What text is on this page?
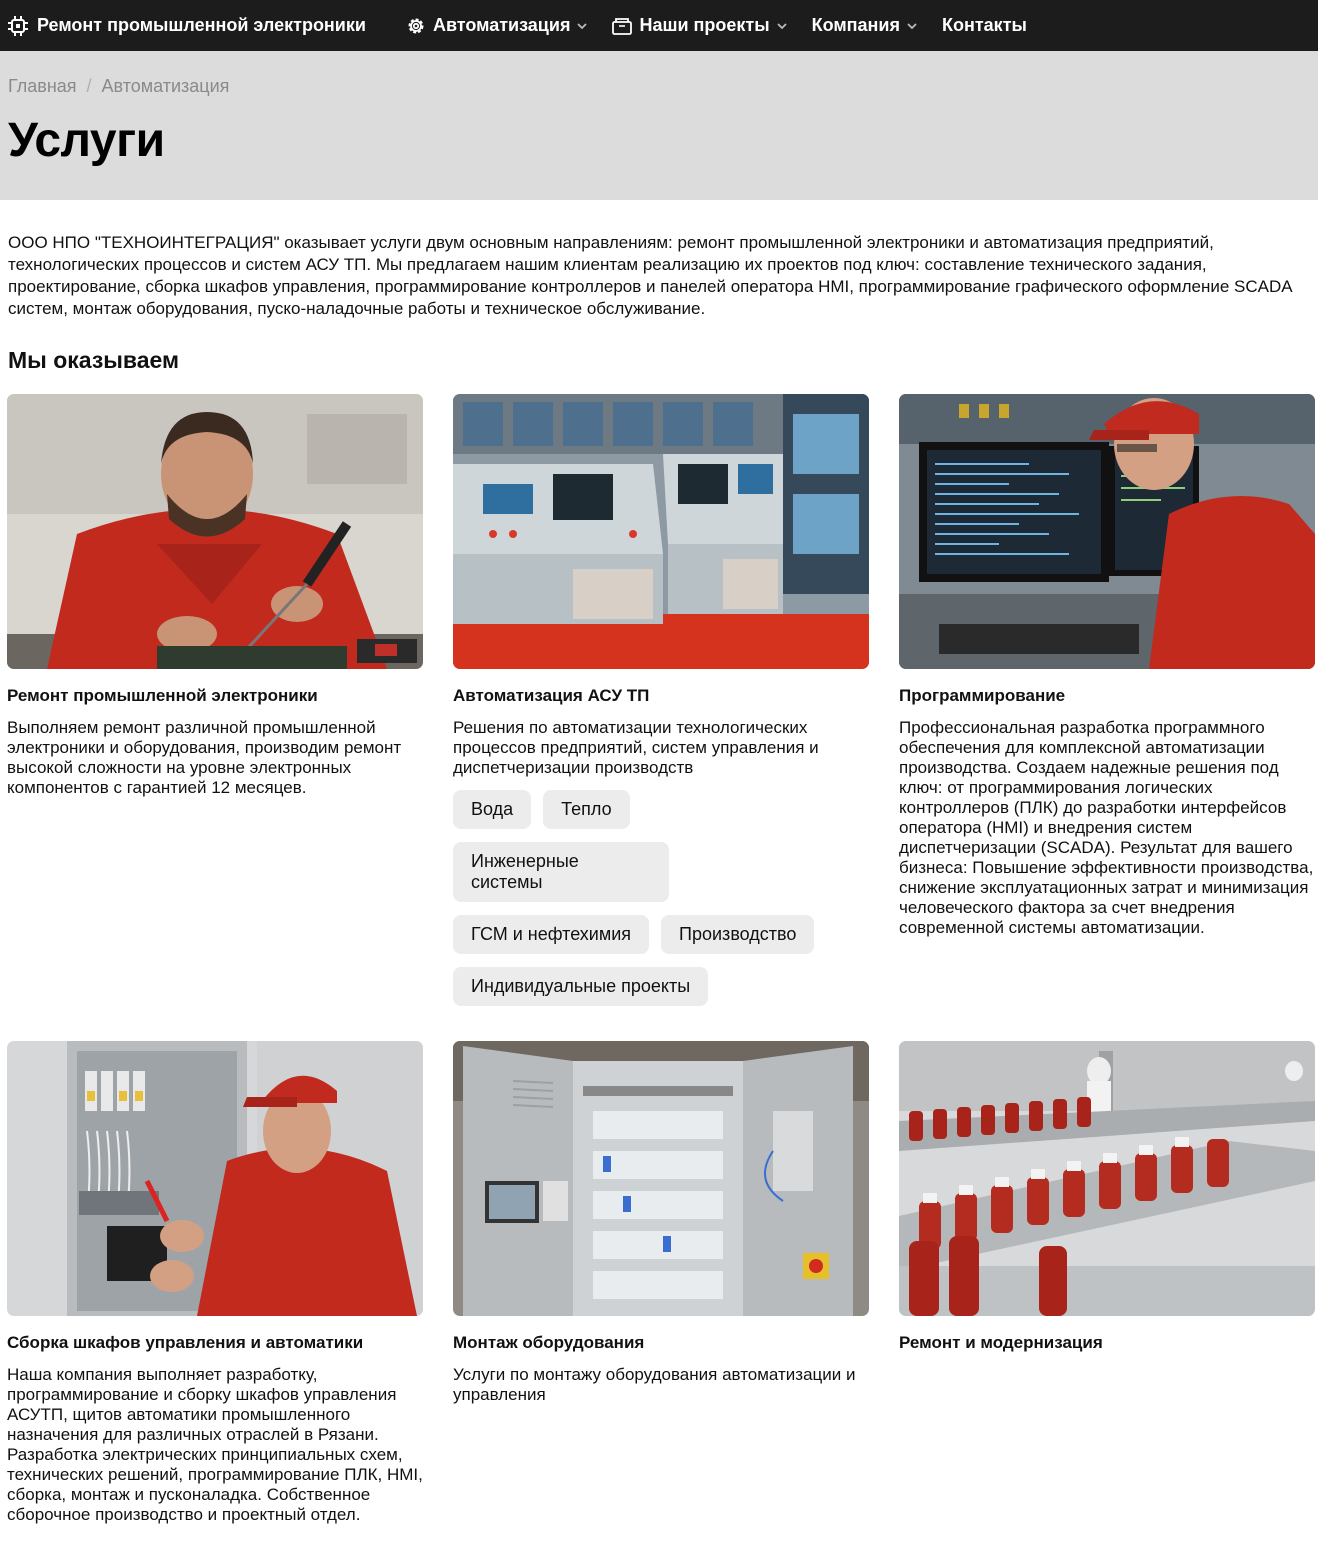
Ремонт промышленной электроники	Автоматизация	Наши проекты Компания Контакты
Главная / Автоматизация
Услуги

ООО НПО "ТЕХНОИНТЕГРАЦИЯ" оказывает услуги двум основным направлениям: ремонт промышленной электроники и автоматизация предприятий, технологических процессов и систем АСУ ТП. Мы предлагаем нашим клиентам реализацию их проектов под ключ: составление технического задания, проектирование, сборка шкафов управления, программирование контроллеров и панелей оператора HMI, программирование графического оформление SCADA систем, монтаж оборудования, пуско-наладочные работы и техническое обслуживание.

Мы оказываем
Ремонт промышленной электроники

Выполняем ремонт различной промышленной электроники и оборудования, производим ремонт высокой сложности на уровне электронных компонентов с гарантией 12 месяцев.

Автоматизация АСУ ТП

Решения по автоматизации технологических процессов предприятий, систем управления и диспетчеризации производств

Вода	Тепло
Инженерные системы
ГСМ и нефтехимия	Производство
Индивидуальные проекты
Программирование

Профессиональная разработка программного обеспечения для комплексной автоматизации производства. Создаем надежные решения под ключ: от программирования логических контроллеров (ПЛК) до разработки интерфейсов оператора (HMI) и внедрения систем диспетчеризации (SCADA). Результат для вашего бизнеса: Повышение эффективности производства, снижение эксплуатационных затрат и минимизация человеческого фактора за счет внедрения современной системы автоматизации.

Сборка шкафов управления и автоматики

Наша компания выполняет разработку, программирование и сборку шкафов управления АСУТП, щитов автоматики промышленного назначения для различных отраслей в Рязани. Разработка электрических принципиальных схем, технических решений, программирование ПЛК, HMI, сборка, монтаж и пусконаладка. Собственное сборочное производство и проектный отдел.

Монтаж оборудования

Услуги по монтажу оборудования автоматизации и управления

Ремонт и модернизация
